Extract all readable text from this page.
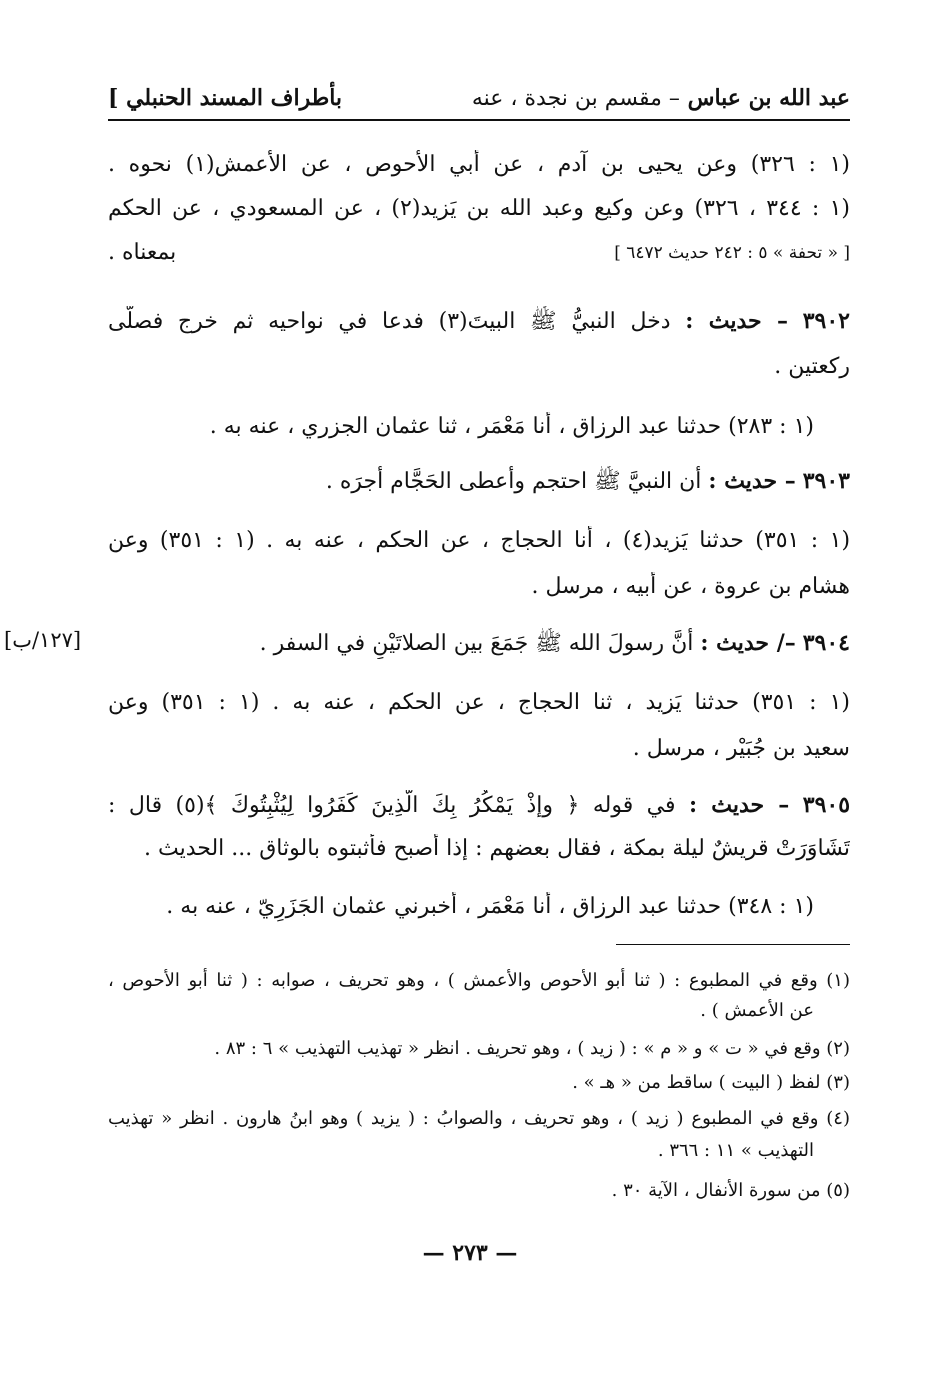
بأطراف المسند الحنبلي ]	عبد الله بن عباس – مقسم بن نجدة ، عنه
(١ : ٣٢٦) وعن يحيى بن آدم ، عن أبي الأحوص ، عن الأعمش(١) نحوه .
(١ : ٣٤٤ ، ٣٢٦) وعن وكيع وعبد الله بن يَزيد(٢) ، عن المسعودي ، عن الحكم
بمعناه .	[ « تحفة » ٥ : ٢٤٢ حديث ٦٤٧٢ ]
٣٩٠٢ – حديث : دخل النبيُّ ﷺ البيتَ(٣) فدعا في نواحيه ثم خرج فصلّى
ركعتين .
(١ : ٢٨٣) حدثنا عبد الرزاق ، أنا مَعْمَر ، ثنا عثمان الجزري ، عنه به .
٣٩٠٣ – حديث : أن النبيَّ ﷺ احتجم وأعطى الحَجَّام أجرَه .
(١ : ٣٥١) حدثنا يَزيد(٤) ، أنا الحجاج ، عن الحكم ، عنه به . (١ : ٣٥١) وعن
هشام بن عروة ، عن أبيه ، مرسل .
٣٩٠٤ –/ حديث : أنَّ رسولَ الله ﷺ جَمَعَ بين الصلاتَيْنِ في السفر .
[١٢٧/ب]
(١ : ٣٥١) حدثنا يَزيد ، ثنا الحجاج ، عن الحكم ، عنه به . (١ : ٣٥١) وعن
سعيد بن جُبَيْر ، مرسل .
٣٩٠٥ – حديث : في قوله ﴿ وإذْ يَمْكُرُ بِكَ الَّذِينَ كَفَرُوا لِيُثْبِتُوكَ ﴾(٥) قال :
تَشَاوَرَتْ قريشٌ ليلة بمكة ، فقال بعضهم : إذا أصبح فأثبتوه بالوثاق ... الحديث .
(١ : ٣٤٨) حدثنا عبد الرزاق ، أنا مَعْمَر ، أخبرني عثمان الجَزَرِيّ ، عنه به .
(١) وقع في المطبوع : ( ثنا أبو الأحوص والأعمش ) ، وهو تحريف ، صوابه : ( ثنا أبو الأحوص ،
عن الأعمش ) .
(٢) وقع في « ت » و « م » : ( زيد ) ، وهو تحريف . انظر « تهذيب التهذيب » ٦ : ٨٣ .
(٣) لفظ ( البيت ) ساقط من « هـ » .
(٤) وقع في المطبوع ( زيد ) ، وهو تحريف ، والصوابُ : ( يزيد ) وهو ابنُ هارون . انظر « تهذيب
التهذيب » ١١ : ٣٦٦ .
(٥) من سورة الأنفال ، الآية ٣٠ .
— ٢٧٣ —
